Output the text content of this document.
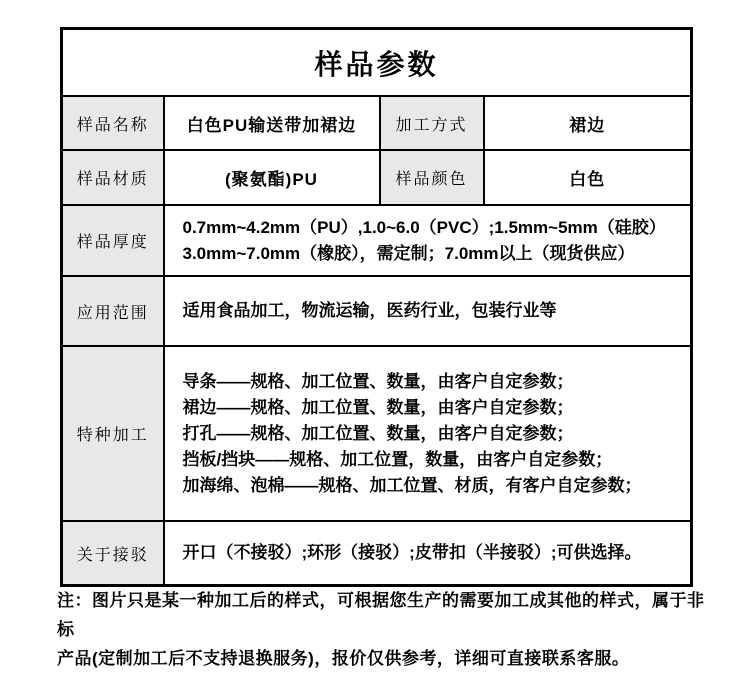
样品参数			
样品名称	白色PU输送带加裙边	加工方式	裙边
样品材质	(聚氨酯)PU	样品颜色	白色
样品厚度	0.7mm~4.2mm（PU）,1.0~6.0（PVC）;1.5mm~5mm（硅胶）
3.0mm~7.0mm（橡胶），需定制；7.0mm以上（现货供应）		

应用范围	适用食品加工，物流运输，医药行业，包装行业等		
特种加工	导条——规格、加工位置、数量，由客户自定参数；
裙边——规格、加工位置、数量，由客户自定参数；
打孔——规格、加工位置、数量，由客户自定参数；
挡板/挡块——规格、加工位置，数量，由客户自定参数；
加海绵、泡棉——规格、加工位置、材质，有客户自定参数；		

关于接驳	开口（不接驳）;环形（接驳）;皮带扣（半接驳）;可供选择。		
注：图片只是某一种加工后的样式，可根据您生产的需要加工成其他的样式，属于非标
产品(定制加工后不支持退换服务)，报价仅供参考，详细可直接联系客服。
